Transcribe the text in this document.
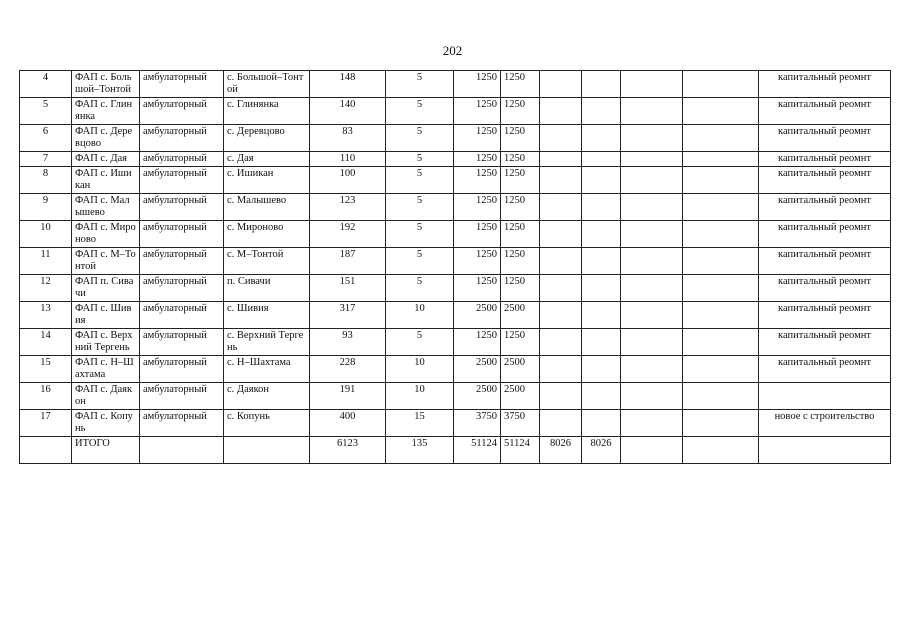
202
4	ФАП с. Большой–Тонтой	амбулаторный	с. Большой–Тонтой	148	5	1250	1250					капитальный реомнт
5	ФАП с. Глинянка	амбулаторный	с. Глинянка	140	5	1250	1250					капитальный реомнт
6	ФАП с. Деревцово	амбулаторный	с. Деревцово	83	5	1250	1250					капитальный реомнт
7	ФАП с. Дая	амбулаторный	с. Дая	110	5	1250	1250					капитальный реомнт
8	ФАП с. Ишикан	амбулаторный	с. Ишикан	100	5	1250	1250					капитальный реомнт
9	ФАП с. Малышево	амбулаторный	с. Малышево	123	5	1250	1250					капитальный реомнт
10	ФАП с. Мироново	амбулаторный	с. Мироново	192	5	1250	1250					капитальный реомнт
11	ФАП с. М–Тонтой	амбулаторный	с. М–Тонтой	187	5	1250	1250					капитальный реомнт
12	ФАП п. Сивачи	амбулаторный	п. Сивачи	151	5	1250	1250					капитальный реомнт
13	ФАП с. Шивия	амбулаторный	с. Шивия	317	10	2500	2500					капитальный реомнт
14	ФАП с. Верхний Тергень	амбулаторный	с. Верхний Тергень	93	5	1250	1250					капитальный реомнт
15	ФАП с. Н–Шахтама	амбулаторный	с. Н–Шахтама	228	10	2500	2500					капитальный реомнт
16	ФАП с. Даякон	амбулаторный	с. Даякон	191	10	2500	2500					
17	ФАП с. Копунь	амбулаторный	с. Копунь	400	15	3750	3750					новое с строительство
	ИТОГО			6123	135	51124	51124	8026	8026			
